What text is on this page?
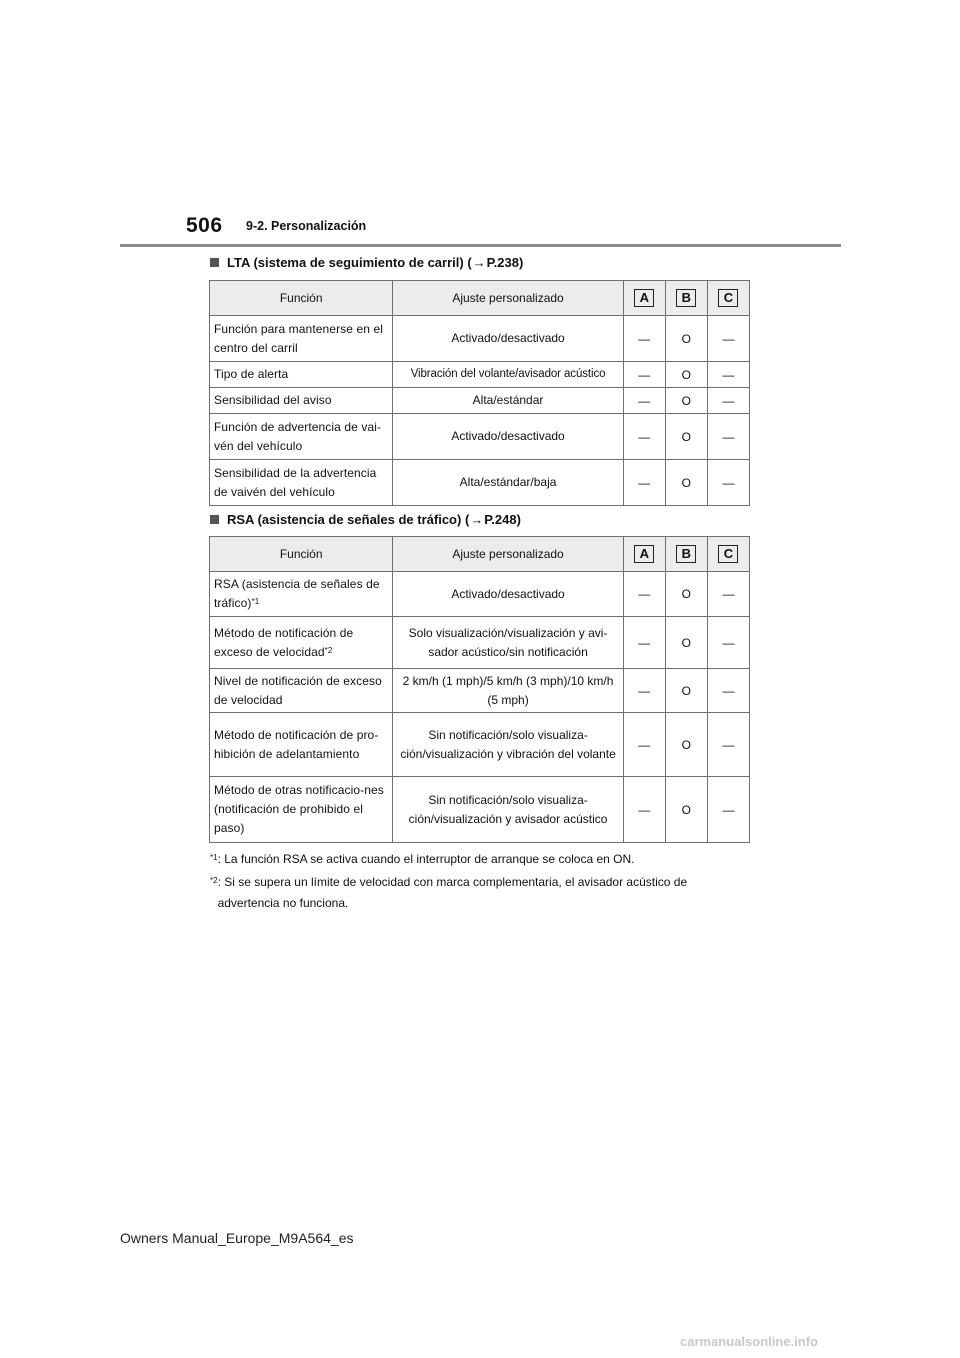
506 9-2. Personalización
LTA (sistema de seguimiento de carril) ( → P.238)
Función	Ajuste personalizado	A	B	C
Función para mantenerse en el centro del carril	Activado/desactivado	—	O	—
Tipo de alerta	Vibración del volante/avisador acústico	—	O	—
Sensibilidad del aviso	Alta/estándar	—	O	—
Función de advertencia de vai-vén del vehículo	Activado/desactivado	—	O	—
Sensibilidad de la advertencia de vaivén del vehículo	Alta/estándar/baja	—	O	—
RSA (asistencia de señales de tráfico) ( → P.248)
Función	Ajuste personalizado	A	B	C
RSA (asistencia de señales de tráfico)$^{*1}$	Activado/desactivado	—	O	—
Método de notificación de exceso de velocidad$^{*2}$	Solo visualización/visualización y avi-sador acústico/sin notificación	—	O	—
Nivel de notificación de exceso de velocidad	2 km/h (1 mph)/5 km/h (3 mph)/10 km/h (5 mph)	—	O	—
Método de notificación de pro-hibición de adelantamiento	Sin notificación/solo visualiza-ción/visualización y vibración del volante	—	O	—
Método de otras notificacio-nes (notificación de prohibido el paso)	Sin notificación/solo visualiza-ción/visualización y avisador acústico	—	O	—
$^{*1}$: La función RSA se activa cuando el interruptor de arranque se coloca en ON.
$^{*2}$: Si se supera un límite de velocidad con marca complementaria, el avisador acústico de advertencia no funciona.
Owners Manual_Europe_M9A564_es
carmanualsonline.info
